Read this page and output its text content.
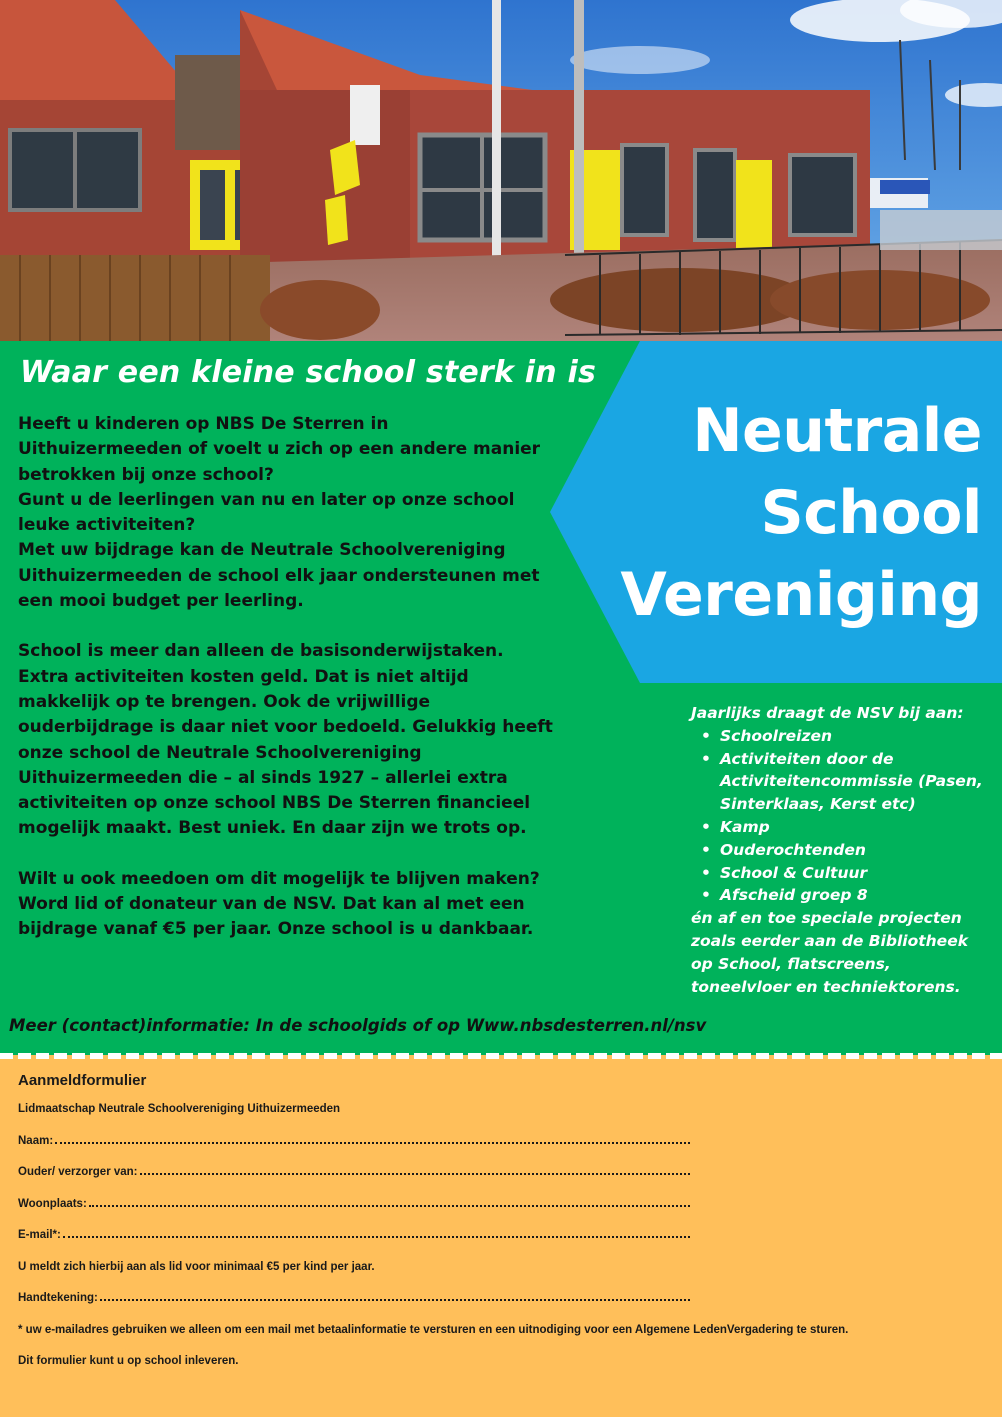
Waar een kleine school sterk in is

Heeft u kinderen op NBS De Sterren in Uithuizermeeden of voelt u zich op een andere manier betrokken bij onze school?
Gunt u de leerlingen van nu en later op onze school leuke activiteiten?
Met uw bijdrage kan de Neutrale Schoolvereniging Uithuizermeeden de school elk jaar ondersteunen met een mooi budget per leerling.

School is meer dan alleen de basisonderwijstaken. Extra activiteiten kosten geld. Dat is niet altijd makkelijk op te brengen. Ook de vrijwillige ouderbijdrage is daar niet voor bedoeld. Gelukkig heeft onze school de Neutrale Schoolvereniging Uithuizermeeden die – al sinds 1927 – allerlei extra activiteiten op onze school NBS De Sterren financieel mogelijk maakt. Best uniek. En daar zijn we trots op.

Wilt u ook meedoen om dit mogelijk te blijven maken? Word lid of donateur van de NSV. Dat kan al met een bijdrage vanaf €5 per jaar. Onze school is u dankbaar.

Neutrale
School
Vereniging
Jaarlijks draagt de NSV bij aan:
• Schoolreizen
• Activiteiten door de Activiteitencommissie (Pasen, Sinterklaas, Kerst etc)
• Kamp
• Ouderochtenden
• School & Cultuur
• Afscheid groep 8
én af en toe speciale projecten zoals eerder aan de Bibliotheek op School, flatscreens, toneelvloer en techniektorens.
Meer (contact)informatie: In de schoolgids of op Www.nbsdesterren.nl/nsv
Aanmeldformulier
Lidmaatschap Neutrale Schoolvereniging Uithuizermeeden
Naam:
Ouder/ verzorger van:
Woonplaats:
E-mail*:
U meldt zich hierbij aan als lid voor minimaal €5 per kind per jaar.
Handtekening:
* uw e-mailadres gebruiken we alleen om een mail met betaalinformatie te versturen en een uitnodiging voor een Algemene LedenVergadering te sturen.
Dit formulier kunt u op school inleveren.
